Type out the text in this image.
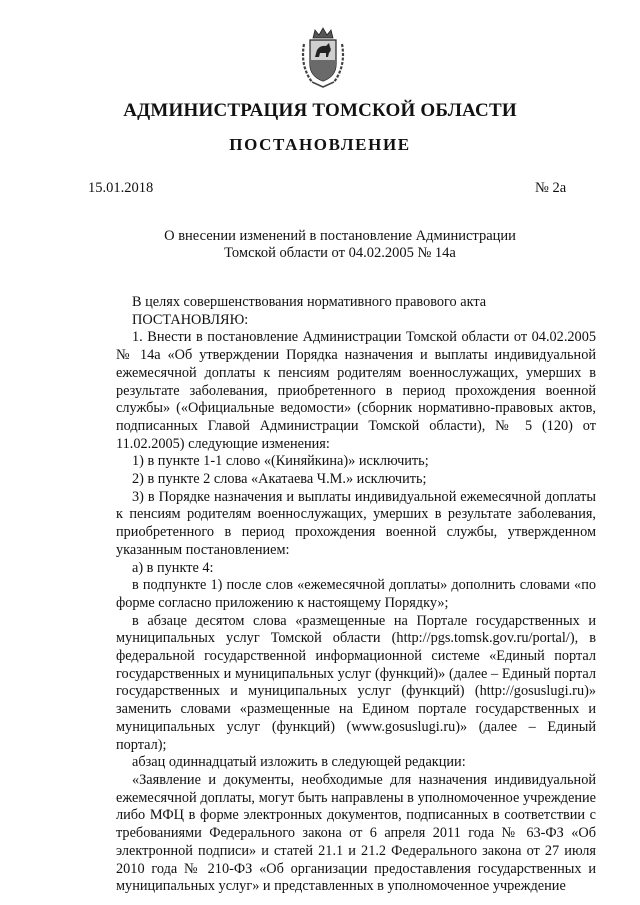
АДМИНИСТРАЦИЯ ТОМСКОЙ ОБЛАСТИ
ПОСТАНОВЛЕНИЕ
15.01.2018	№ 2а
О внесении изменений в постановление Администрации
Томской области от 04.02.2005 № 14а

В целях совершенствования нормативного правового акта

ПОСТАНОВЛЯЮ:

1. Внести в постановление Администрации Томской области от 04.02.2005 № 14а «Об утверждении Порядка назначения и выплаты индивидуальной ежемесячной доплаты к пенсиям родителям военнослужащих, умерших в результате заболевания, приобретенного в период прохождения военной службы» («Официальные ведомости» (сборник нормативно-правовых актов, подписанных Главой Администрации Томской области), № 5 (120) от 11.02.2005) следующие изменения:

1) в пункте 1-1 слово «(Киняйкина)» исключить;

2) в пункте 2 слова «Акатаева Ч.М.» исключить;

3) в Порядке назначения и выплаты индивидуальной ежемесячной доплаты к пенсиям родителям военнослужащих, умерших в результате заболевания, приобретенного в период прохождения военной службы, утвержденном указанным постановлением:

а) в пункте 4:

в подпункте 1) после слов «ежемесячной доплаты» дополнить словами «по форме согласно приложению к настоящему Порядку»;

в абзаце десятом слова «размещенные на Портале государственных и муниципальных услуг Томской области (http://pgs.tomsk.gov.ru/portal/), в федеральной государственной информационной системе «Единый портал государственных и муниципальных услуг (функций)» (далее – Единый портал государственных и муниципальных услуг (функций) (http://gosuslugi.ru)» заменить словами «размещенные на Едином портале государственных и муниципальных услуг (функций) (www.gosuslugi.ru)» (далее – Единый портал);

абзац одиннадцатый изложить в следующей редакции:

«Заявление и документы, необходимые для назначения индивидуальной ежемесячной доплаты, могут быть направлены в уполномоченное учреждение либо МФЦ в форме электронных документов, подписанных в соответствии с требованиями Федерального закона от 6 апреля 2011 года № 63-ФЗ «Об электронной подписи» и статей 21.1 и 21.2 Федерального закона от 27 июля 2010 года № 210-ФЗ «Об организации предоставления государственных и муниципальных услуг» и представленных в уполномоченное учреждение
